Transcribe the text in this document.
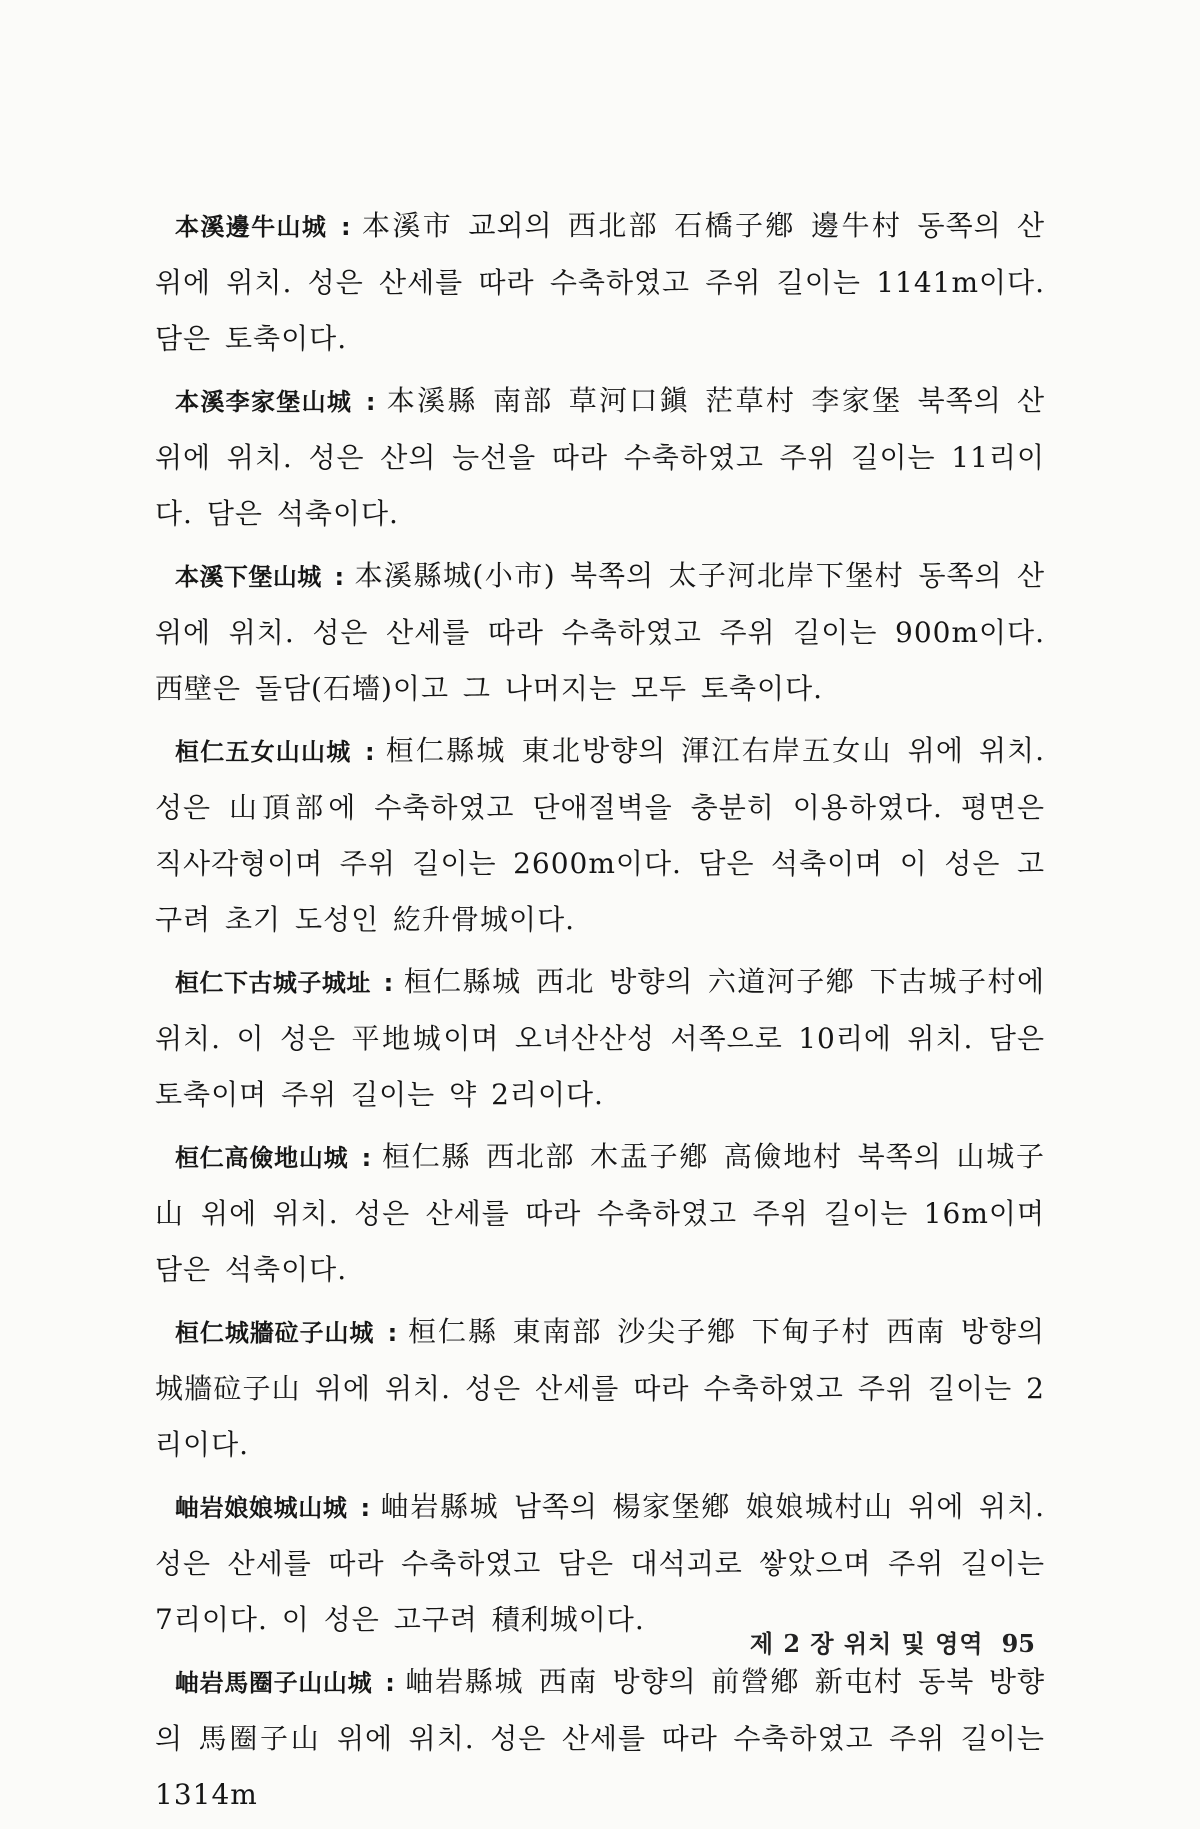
本溪邊牛山城 : 本溪市 교외의 西北部 石橋子鄕 邊牛村 동쪽의 산 위에 위치. 성은 산세를 따라 수축하였고 주위 길이는 1141m이다. 담은 토축이다.

本溪李家堡山城 : 本溪縣 南部 草河口鎭 茫草村 李家堡 북쪽의 산 위에 위치. 성은 산의 능선을 따라 수축하였고 주위 길이는 11리이다. 담은 석축이다.

本溪下堡山城 : 本溪縣城(小市) 북쪽의 太子河北岸下堡村 동쪽의 산 위에 위치. 성은 산세를 따라 수축하였고 주위 길이는 900m이다. 西壁은 돌담(石墻)이고 그 나머지는 모두 토축이다.

桓仁五女山山城 : 桓仁縣城 東北방향의 渾江右岸五女山 위에 위치. 성은 山頂部에 수축하였고 단애절벽을 충분히 이용하였다. 평면은 직사각형이며 주위 길이는 2600m이다. 담은 석축이며 이 성은 고구려 초기 도성인 紇升骨城이다.

桓仁下古城子城址 : 桓仁縣城 西北 방향의 六道河子鄕 下古城子村에 위치. 이 성은 平地城이며 오녀산산성 서쪽으로 10리에 위치. 담은 토축이며 주위 길이는 약 2리이다.

桓仁高儉地山城 : 桓仁縣 西北部 木盂子鄕 高儉地村 북쪽의 山城子山 위에 위치. 성은 산세를 따라 수축하였고 주위 길이는 16m이며 담은 석축이다.

桓仁城牆砬子山城 : 桓仁縣 東南部 沙尖子鄕 下甸子村 西南 방향의 城牆砬子山 위에 위치. 성은 산세를 따라 수축하였고 주위 길이는 2리이다.

岫岩娘娘城山城 : 岫岩縣城 남쪽의 楊家堡鄕 娘娘城村山 위에 위치. 성은 산세를 따라 수축하였고 담은 대석괴로 쌓았으며 주위 길이는 7리이다. 이 성은 고구려 積利城이다.

岫岩馬圈子山山城 : 岫岩縣城 西南 방향의 前營鄕 新屯村 동북 방향의 馬圈子山 위에 위치. 성은 산세를 따라 수축하였고 주위 길이는 1314m

제 2 장 위치 및 영역 95
